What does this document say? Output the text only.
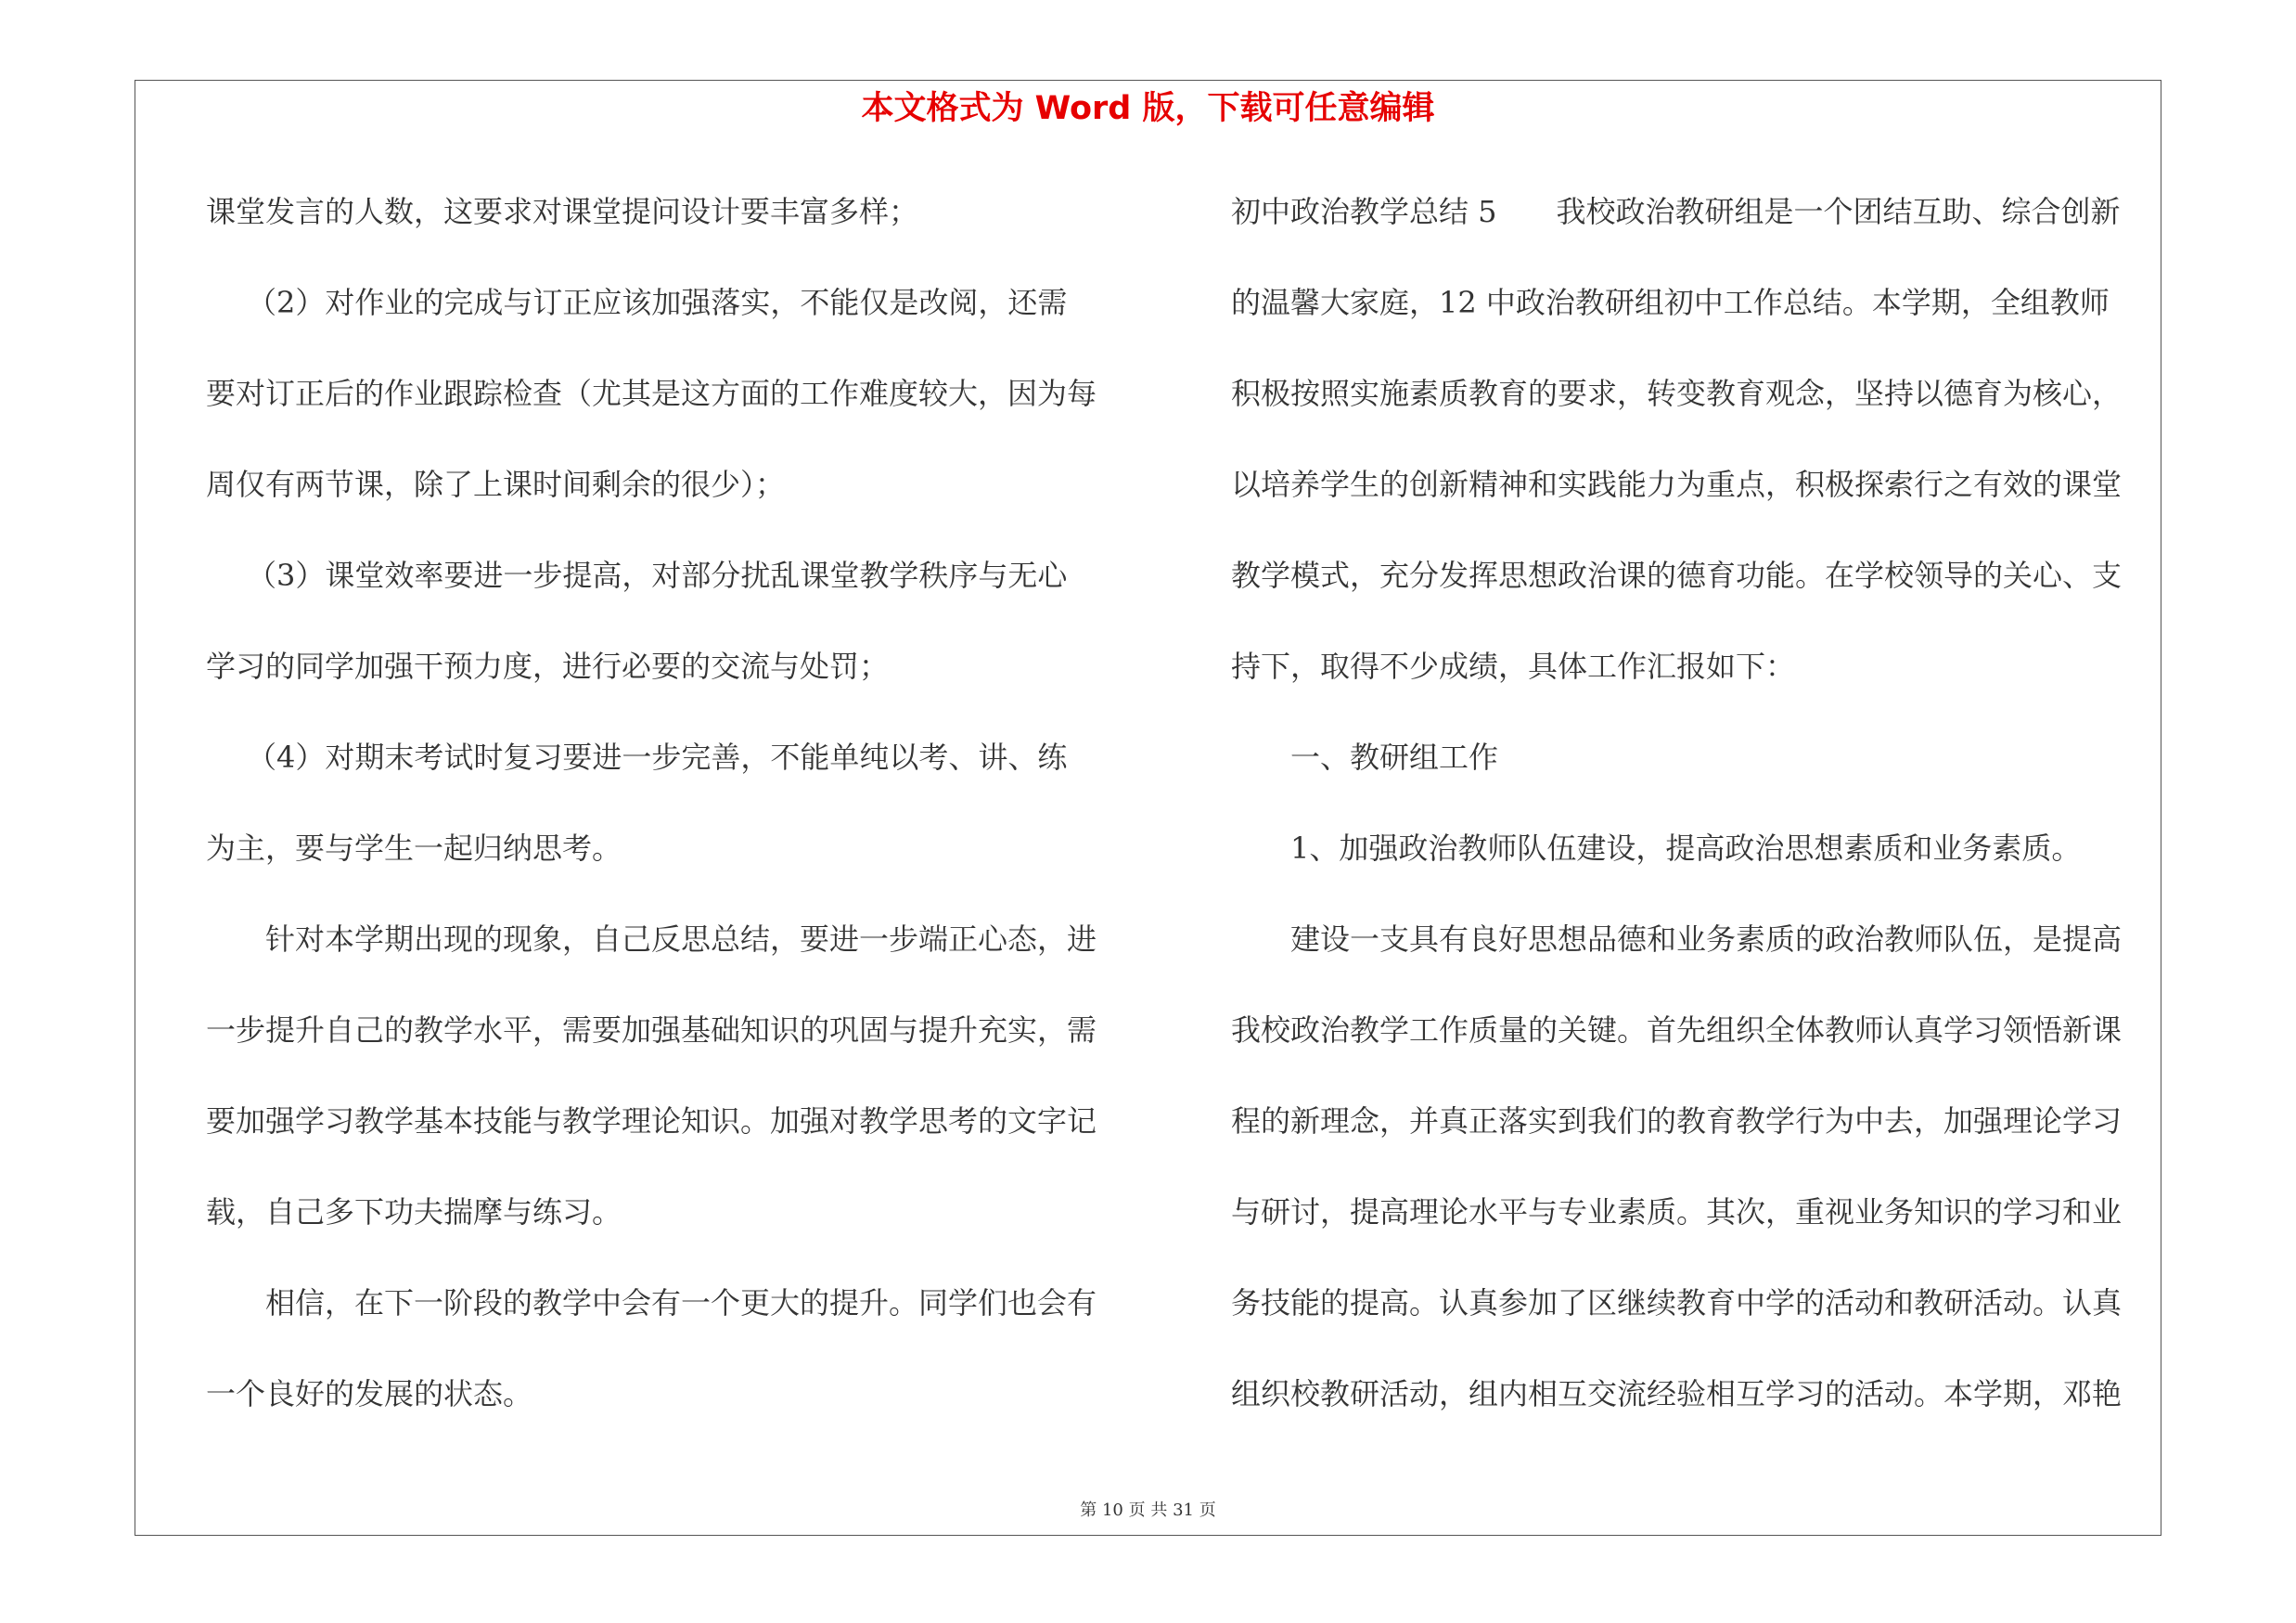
本文格式为 Word 版，下载可任意编辑
课堂发言的人数，这要求对课堂提问设计要丰富多样；
（2）对作业的完成与订正应该加强落实，不能仅是改阅，还需
要对订正后的作业跟踪检查（尤其是这方面的工作难度较大，因为每
周仅有两节课，除了上课时间剩余的很少）；
（3）课堂效率要进一步提高，对部分扰乱课堂教学秩序与无心
学习的同学加强干预力度，进行必要的交流与处罚；
（4）对期末考试时复习要进一步完善，不能单纯以考、讲、练
为主，要与学生一起归纳思考。
针对本学期出现的现象，自己反思总结，要进一步端正心态，进
一步提升自己的教学水平，需要加强基础知识的巩固与提升充实，需
要加强学习教学基本技能与教学理论知识。加强对教学思考的文字记
载，自己多下功夫揣摩与练习。
相信，在下一阶段的教学中会有一个更大的提升。同学们也会有
一个良好的发展的状态。
初中政治教学总结 5 我校政治教研组是一个团结互助、综合创新
的温馨大家庭，12 中政治教研组初中工作总结。本学期，全组教师
积极按照实施素质教育的要求，转变教育观念，坚持以德育为核心，
以培养学生的创新精神和实践能力为重点，积极探索行之有效的课堂
教学模式，充分发挥思想政治课的德育功能。在学校领导的关心、支
持下，取得不少成绩，具体工作汇报如下：
一、教研组工作
1、加强政治教师队伍建设，提高政治思想素质和业务素质。
建设一支具有良好思想品德和业务素质的政治教师队伍，是提高
我校政治教学工作质量的关键。首先组织全体教师认真学习领悟新课
程的新理念，并真正落实到我们的教育教学行为中去，加强理论学习
与研讨，提高理论水平与专业素质。其次，重视业务知识的学习和业
务技能的提高。认真参加了区继续教育中学的活动和教研活动。认真
组织校教研活动，组内相互交流经验相互学习的活动。本学期，邓艳
第 10 页 共 31 页
